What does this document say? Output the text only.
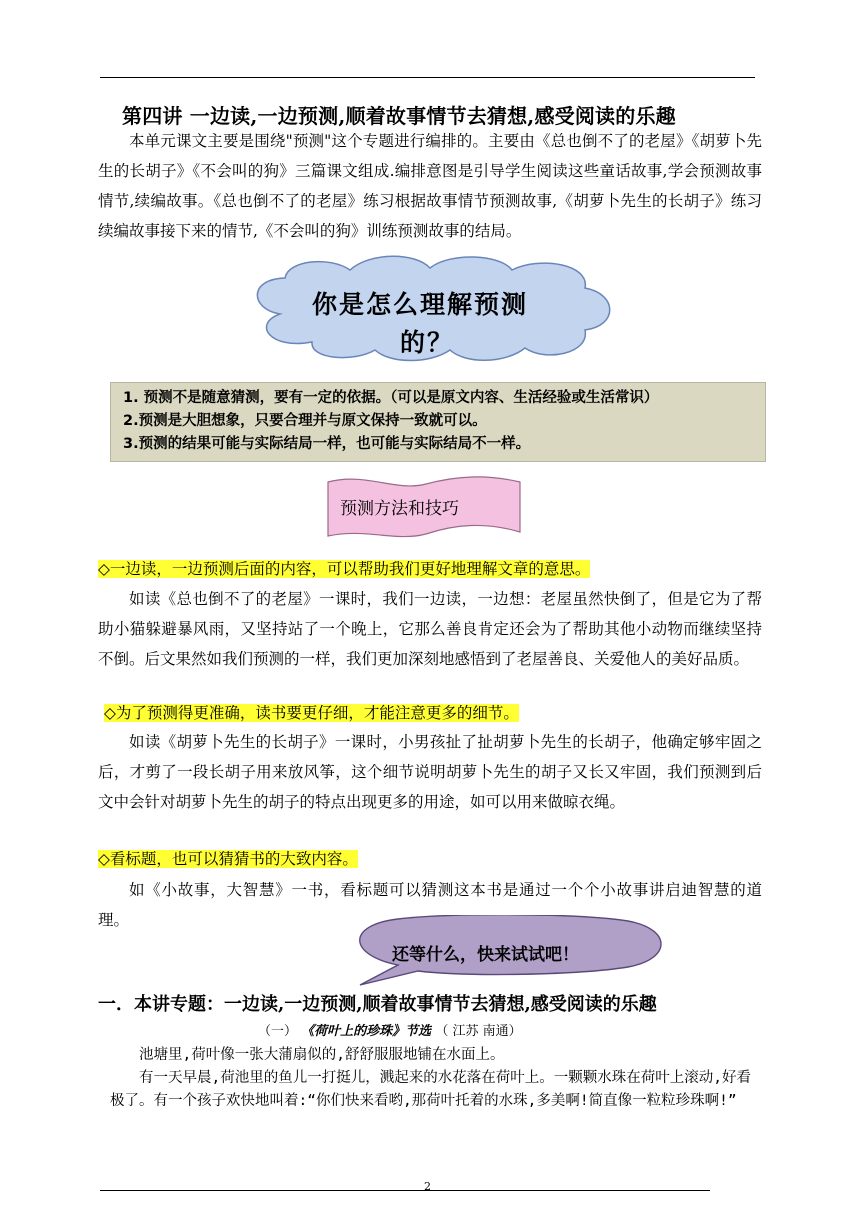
第四讲 一边读,一边预测,顺着故事情节去猜想,感受阅读的乐趣
本单元课文主要是围绕"预测"这个专题进行编排的。主要由《总也倒不了的老屋》《胡萝卜先生的长胡子》《不会叫的狗》三篇课文组成.编排意图是引导学生阅读这些童话故事,学会预测故事情节,续编故事。《总也倒不了的老屋》练习根据故事情节预测故事,《胡萝卜先生的长胡子》练习续编故事接下来的情节,《不会叫的狗》训练预测故事的结局。
你是怎么理解预测
的？
1. 预测不是随意猜测，要有一定的依据。（可以是原文内容、生活经验或生活常识）
2.预测是大胆想象，只要合理并与原文保持一致就可以。
3.预测的结果可能与实际结局一样，也可能与实际结局不一样。
预测方法和技巧
◇一边读，一边预测后面的内容，可以帮助我们更好地理解文章的意思。
如读《总也倒不了的老屋》一课时，我们一边读，一边想：老屋虽然快倒了，但是它为了帮助小猫躲避暴风雨，又坚持站了一个晚上，它那么善良肯定还会为了帮助其他小动物而继续坚持不倒。后文果然如我们预测的一样，我们更加深刻地感悟到了老屋善良、关爱他人的美好品质。
◇为了预测得更准确，读书要更仔细，才能注意更多的细节。
如读《胡萝卜先生的长胡子》一课时，小男孩扯了扯胡萝卜先生的长胡子，他确定够牢固之后，才剪了一段长胡子用来放风筝，这个细节说明胡萝卜先生的胡子又长又牢固，我们预测到后文中会针对胡萝卜先生的胡子的特点出现更多的用途，如可以用来做晾衣绳。
◇看标题，也可以猜猜书的大致内容。
如《小故事，大智慧》一书，看标题可以猜测这本书是通过一个个小故事讲启迪智慧的道理。
还等什么，快来试试吧！
一．本讲专题：一边读,一边预测,顺着故事情节去猜想,感受阅读的乐趣
（一） 《荷叶上的珍珠》节选 （ 江苏 南通）
池塘里,荷叶像一张大蒲扇似的,舒舒服服地铺在水面上。
有一天早晨,荷池里的鱼儿一打挺儿，溅起来的水花落在荷叶上。一颗颗水珠在荷叶上滚动,好看极了。有一个孩子欢快地叫着:“你们快来看哟,那荷叶托着的水珠,多美啊!简直像一粒粒珍珠啊!”
2
